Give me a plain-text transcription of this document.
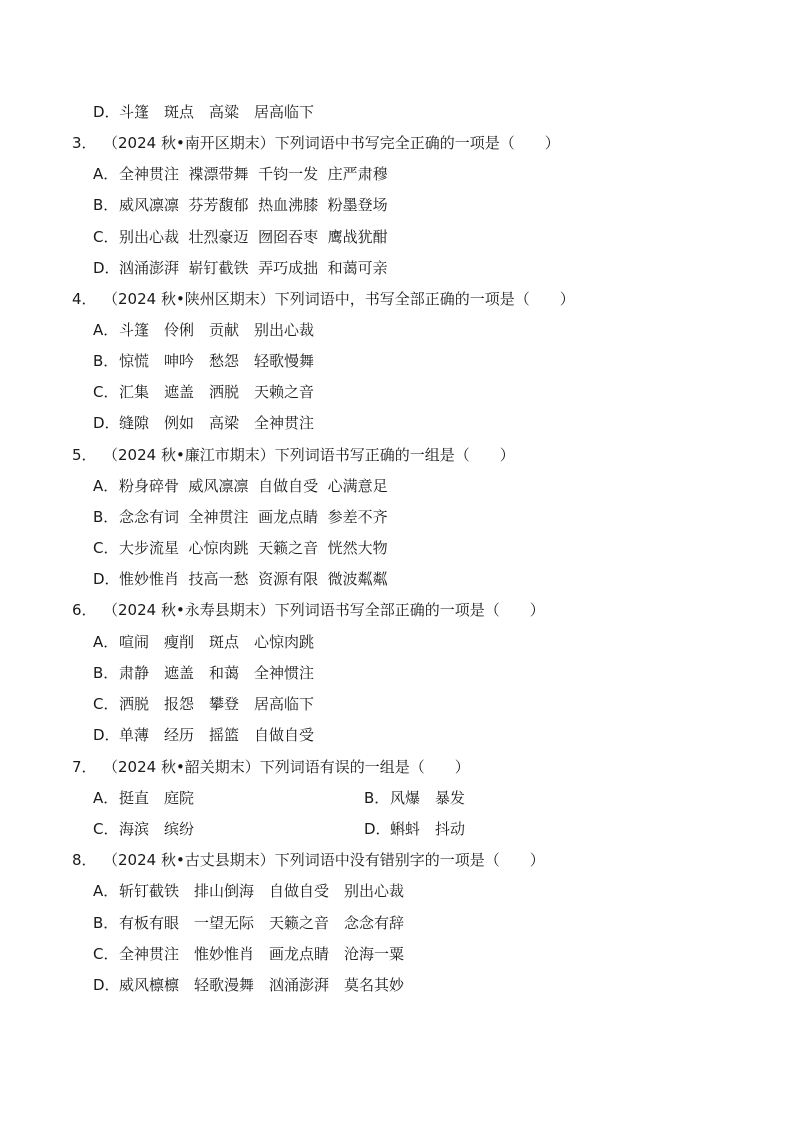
D． 斗篷　斑点　高粱　居高临下
3． （2024 秋•南开区期末）下列词语中书写完全正确的一项是（　　）
A． 全神贯注  褋漂带舞  千钧一发  庄严肃穆
B． 威风凛凛  芬芳馥郁  热血沸膝  粉墨登场
C． 别出心裁  壮烈豪迈  囫囵吞枣  鹰战犹酣
D． 汹涌澎湃  崭钉截铁  弄巧成拙  和蔼可亲
4． （2024 秋•陕州区期末）下列词语中，书写全部正确的一项是（　　）
A． 斗篷　伶俐　贡献　别出心裁
B． 惊慌　呻吟　愁怨　轻歌慢舞
C． 汇集　遮盖　洒脱　天赖之音
D． 缝隙　例如　高梁　全神贯注
5． （2024 秋•廉江市期末）下列词语书写正确的一组是（　　）
A． 粉身碎骨  威风凛凛  自做自受  心满意足
B． 念念有词  全神贯注  画龙点睛  参差不齐
C． 大步流星  心惊肉跳  天籁之音  恍然大物
D． 惟妙惟肖  技高一愁  资源有限  微波粼粼
6． （2024 秋•永寿县期末）下列词语书写全部正确的一项是（　　）
A． 喧闹　瘦削　斑点　心惊肉跳
B． 肃静　遮盖　和蔼　全神惯注
C． 洒脱　报怨　攀登　居高临下
D． 单薄　经历　摇篮　自做自受
7． （2024 秋•韶关期末）下列词语有误的一组是（　　）
A． 挺直　庭院	B． 风爆　暴发
C． 海滨　缤纷	D． 蝌蚪　抖动
8． （2024 秋•古丈县期末）下列词语中没有错别字的一项是（　　）
A． 斩钉截铁　排山倒海　自做自受　别出心裁
B． 有板有眼　一望无际　天籁之音　念念有辞
C． 全神贯注　惟妙惟肖　画龙点睛　沧海一粟
D． 威风檩檩　轻歌漫舞　汹涌澎湃　莫名其妙
